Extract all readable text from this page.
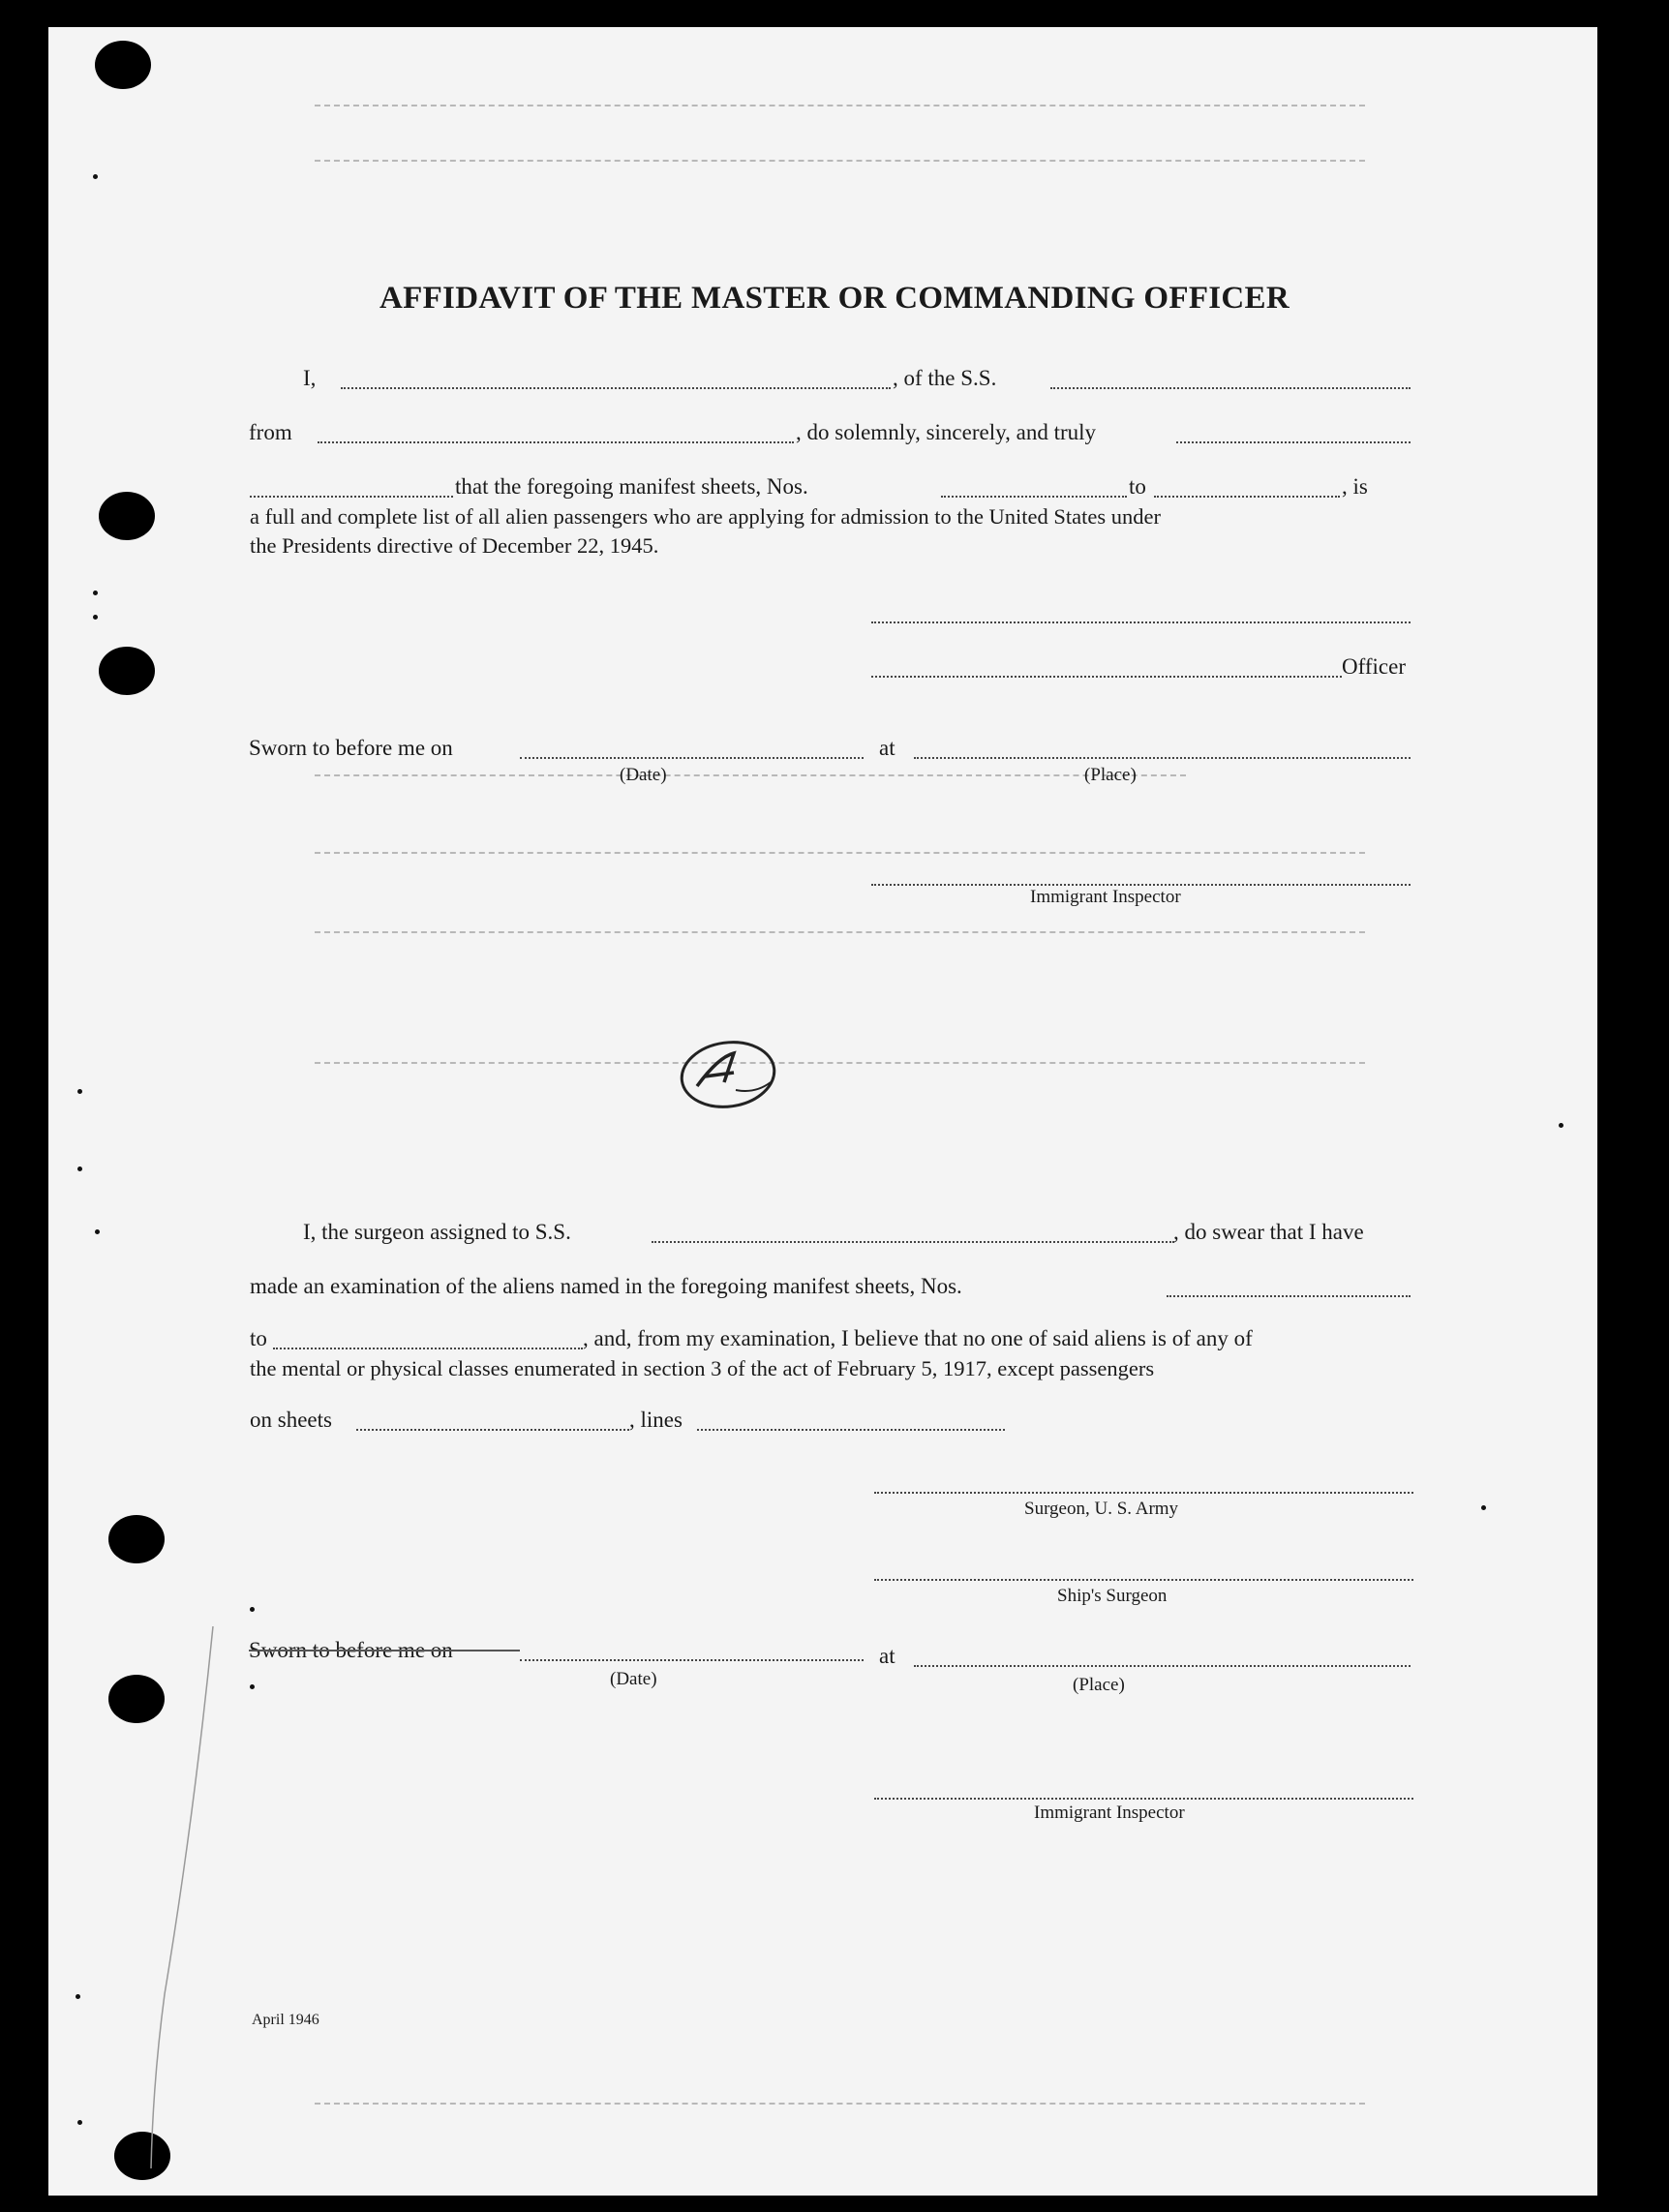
AFFIDAVIT OF THE MASTER OR COMMANDING OFFICER
I,	, of the S.S.
from	, do solemnly, sincerely, and truly
that the foregoing manifest sheets, Nos.	to	, is
a full and complete list of all alien passengers who are applying for admission to the United States under
the Presidents directive of December 22, 1945.
Officer
Sworn to before me on	at
(Date)	(Place)
Immigrant Inspector
A
I, the surgeon assigned to S.S.	, do swear that I have
made an examination of the aliens named in the foregoing manifest sheets, Nos.
to	, and, from my examination, I believe that no one of said aliens is of any of
the mental or physical classes enumerated in section 3 of the act of February 5, 1917, except passengers
on sheets	, lines
Surgeon, U. S. Army
Ship's Surgeon
Sworn to before me on	at
(Date)	(Place)
Immigrant Inspector
April 1946
